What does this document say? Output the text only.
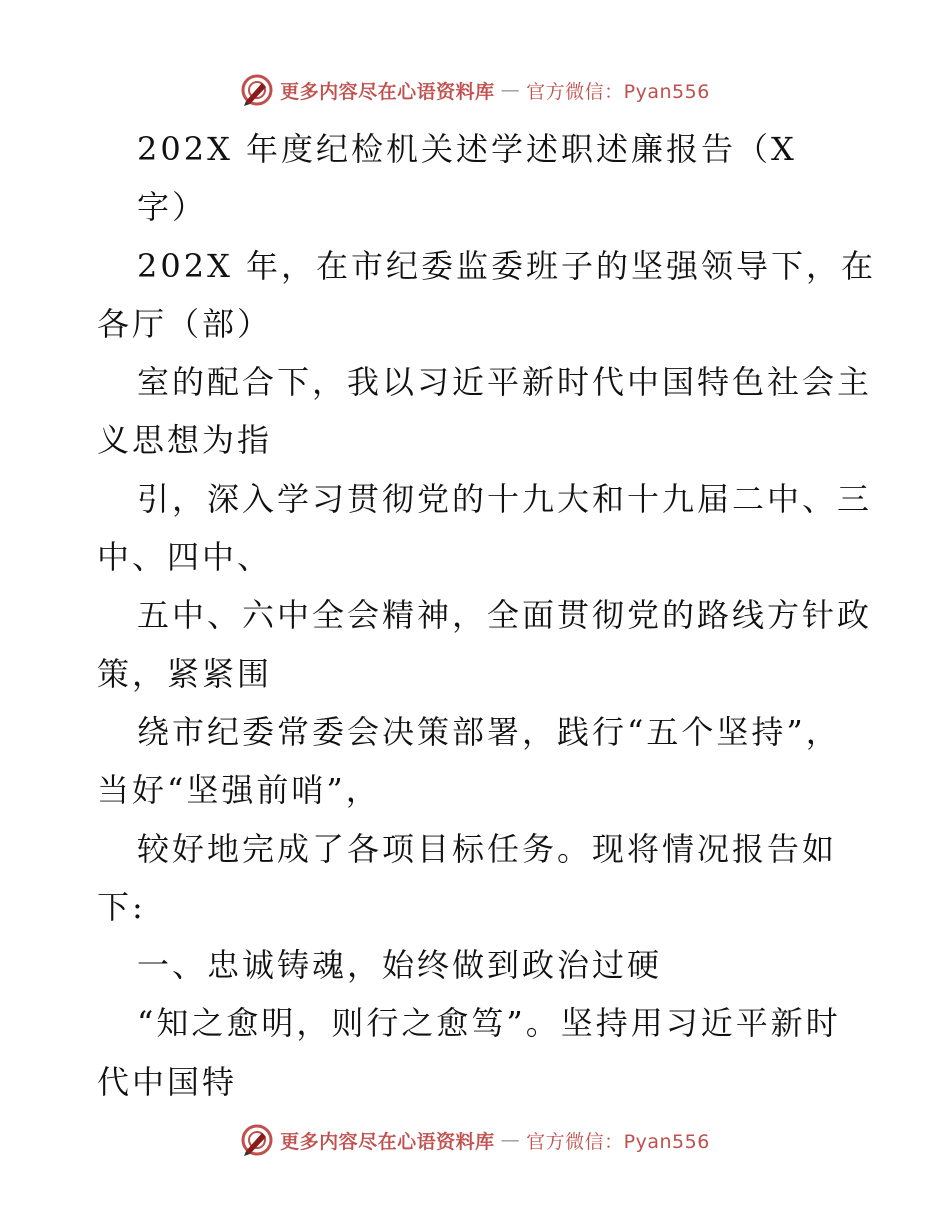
更多内容尽在心语资料库 — 官方微信：Pyan556
202X 年度纪检机关述学述职述廉报告（X
字）
202X 年，在市纪委监委班子的坚强领导下，在
各厅（部）
室的配合下，我以习近平新时代中国特色社会主
义思想为指
引，深入学习贯彻党的十九大和十九届二中、三
中、四中、
五中、六中全会精神，全面贯彻党的路线方针政
策，紧紧围
绕市纪委常委会决策部署，践行“五个坚持”，
当好“坚强前哨”，
较好地完成了各项目标任务。现将情况报告如
下:
一、忠诚铸魂，始终做到政治过硬
“知之愈明，则行之愈笃”。坚持用习近平新时
代中国特
更多内容尽在心语资料库 — 官方微信：Pyan556
